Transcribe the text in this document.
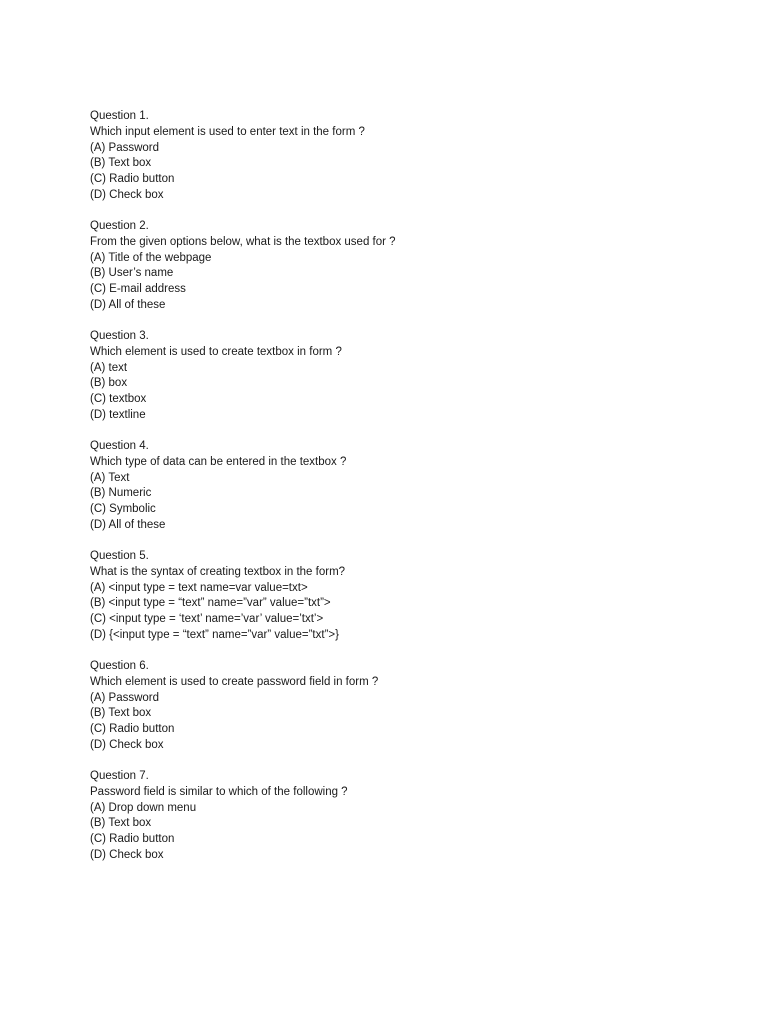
Question 1.
Which input element is used to enter text in the form ?
(A) Password
(B) Text box
(C) Radio button
(D) Check box
Question 2.
From the given options below, what is the textbox used for ?
(A) Title of the webpage
(B) User’s name
(C) E-mail address
(D) All of these
Question 3.
Which element is used to create textbox in form ?
(A) text
(B) box
(C) textbox
(D) textline
Question 4.
Which type of data can be entered in the textbox ?
(A) Text
(B) Numeric
(C) Symbolic
(D) All of these
Question 5.
What is the syntax of creating textbox in the form?
(A) <input type = text name=var value=txt>
(B) <input type = “text” name=”var” value=”txt”>
(C) <input type = ‘text’ name=’var’ value=’txt’>
(D) {<input type = “text” name=”var” value=”txt”>}
Question 6.
Which element is used to create password field in form ?
(A) Password
(B) Text box
(C) Radio button
(D) Check box
Question 7.
Password field is similar to which of the following ?
(A) Drop down menu
(B) Text box
(C) Radio button
(D) Check box
